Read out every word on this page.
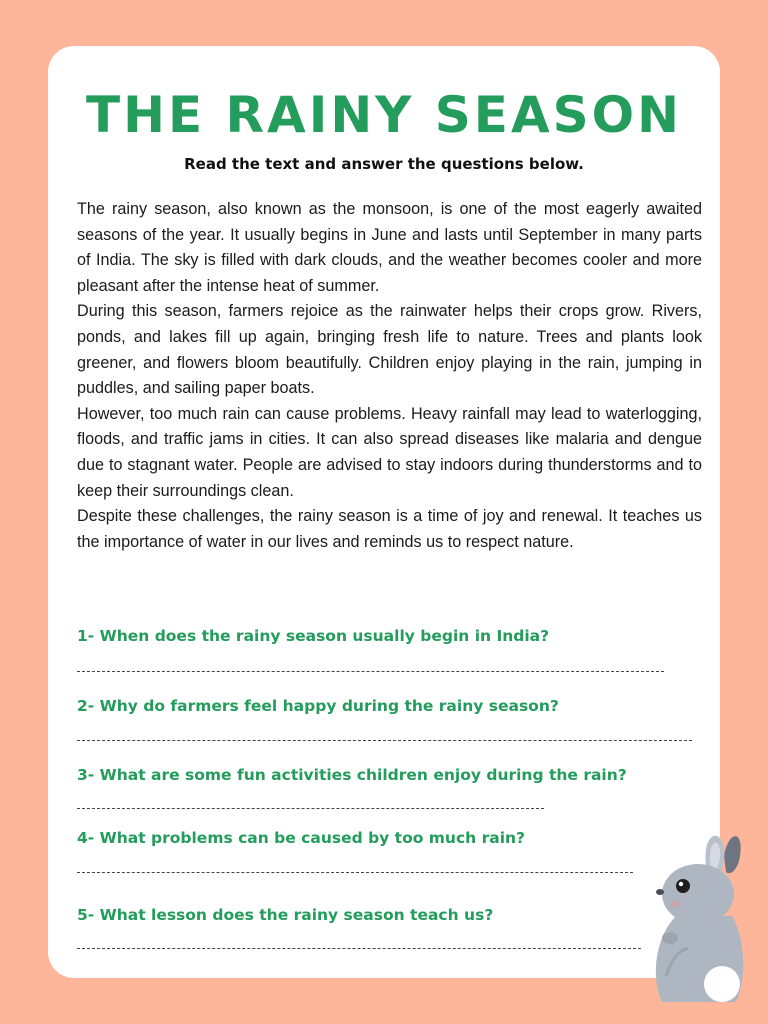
THE RAINY SEASON
Read the text and answer the questions below.

The rainy season, also known as the monsoon, is one of the most eagerly awaited seasons of the year. It usually begins in June and lasts until September in many parts of India. The sky is filled with dark clouds, and the weather becomes cooler and more pleasant after the intense heat of summer.

During this season, farmers rejoice as the rainwater helps their crops grow. Rivers, ponds, and lakes fill up again, bringing fresh life to nature. Trees and plants look greener, and flowers bloom beautifully. Children enjoy playing in the rain, jumping in puddles, and sailing paper boats.

However, too much rain can cause problems. Heavy rainfall may lead to waterlogging, floods, and traffic jams in cities. It can also spread diseases like malaria and dengue due to stagnant water. People are advised to stay indoors during thunderstorms and to keep their surroundings clean.

Despite these challenges, the rainy season is a time of joy and renewal. It teaches us the importance of water in our lives and reminds us to respect nature.

1- When does the rainy season usually begin in India?
2- Why do farmers feel happy during the rainy season?
3- What are some fun activities children enjoy during the rain?
4- What problems can be caused by too much rain?
5- What lesson does the rainy season teach us?
